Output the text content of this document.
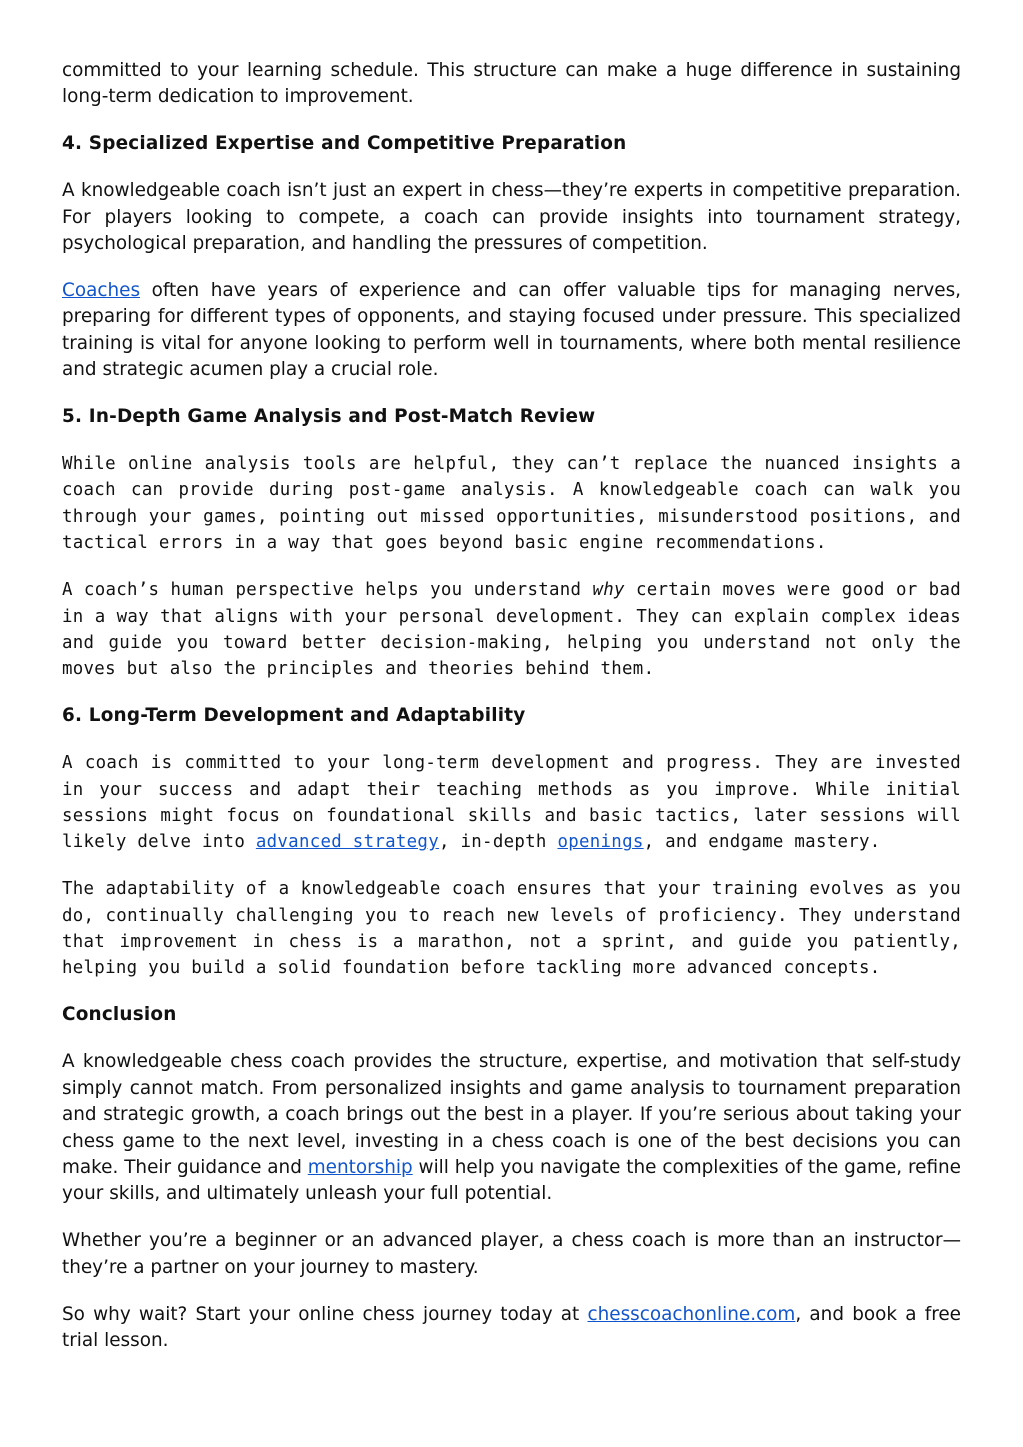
committed to your learning schedule. This structure can make a huge difference in sustaining long-term dedication to improvement.

4. Specialized Expertise and Competitive Preparation

A knowledgeable coach isn’t just an expert in chess—they’re experts in competitive preparation. For players looking to compete, a coach can provide insights into tournament strategy, psychological preparation, and handling the pressures of competition.

Coaches often have years of experience and can offer valuable tips for managing nerves, preparing for different types of opponents, and staying focused under pressure. This specialized training is vital for anyone looking to perform well in tournaments, where both mental resilience and strategic acumen play a crucial role.

5. In-Depth Game Analysis and Post-Match Review

While online analysis tools are helpful, they can’t replace the nuanced insights a coach can provide during post-game analysis. A knowledgeable coach can walk you through your games, pointing out missed opportunities, misunderstood positions, and tactical errors in a way that goes beyond basic engine recommendations.

A coach’s human perspective helps you understand why certain moves were good or bad in a way that aligns with your personal development. They can explain complex ideas and guide you toward better decision-making, helping you understand not only the moves but also the principles and theories behind them.

6. Long-Term Development and Adaptability

A coach is committed to your long-term development and progress. They are invested in your success and adapt their teaching methods as you improve. While initial sessions might focus on foundational skills and basic tactics, later sessions will likely delve into advanced strategy, in-depth openings, and endgame mastery.

The adaptability of a knowledgeable coach ensures that your training evolves as you do, continually challenging you to reach new levels of proficiency. They understand that improvement in chess is a marathon, not a sprint, and guide you patiently, helping you build a solid foundation before tackling more advanced concepts.

Conclusion

A knowledgeable chess coach provides the structure, expertise, and motivation that self-study simply cannot match. From personalized insights and game analysis to tournament preparation and strategic growth, a coach brings out the best in a player. If you’re serious about taking your chess game to the next level, investing in a chess coach is one of the best decisions you can make. Their guidance and mentorship will help you navigate the complexities of the game, refine your skills, and ultimately unleash your full potential.

Whether you’re a beginner or an advanced player, a chess coach is more than an instructor—they’re a partner on your journey to mastery.

So why wait? Start your online chess journey today at chesscoachonline.com, and book a free trial lesson.
